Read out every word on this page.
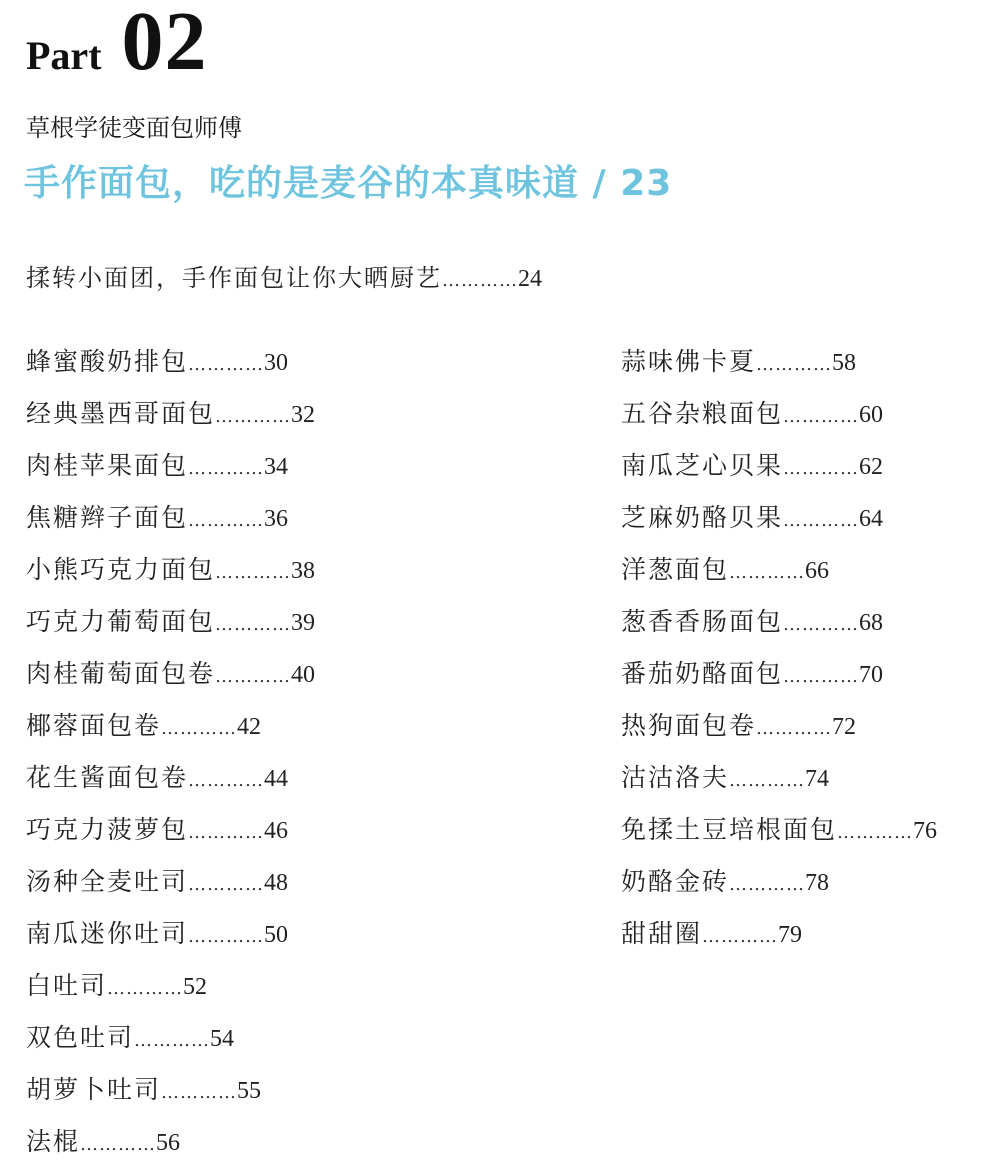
Part 02
草根学徒变面包师傅
手作面包，吃的是麦谷的本真味道 / 23
揉转小面团，手作面包让你大晒厨艺…………24
蜂蜜酸奶排包…………30
经典墨西哥面包…………32
肉桂苹果面包…………34
焦糖辫子面包…………36
小熊巧克力面包…………38
巧克力葡萄面包…………39
肉桂葡萄面包卷…………40
椰蓉面包卷…………42
花生酱面包卷…………44
巧克力菠萝包…………46
汤种全麦吐司…………48
南瓜迷你吐司…………50
白吐司…………52
双色吐司…………54
胡萝卜吐司…………55
法棍…………56
蒜味佛卡夏…………58
五谷杂粮面包…………60
南瓜芝心贝果…………62
芝麻奶酪贝果…………64
洋葱面包…………66
葱香香肠面包…………68
番茄奶酪面包…………70
热狗面包卷…………72
沽沽洛夫…………74
免揉土豆培根面包…………76
奶酪金砖…………78
甜甜圈…………79
